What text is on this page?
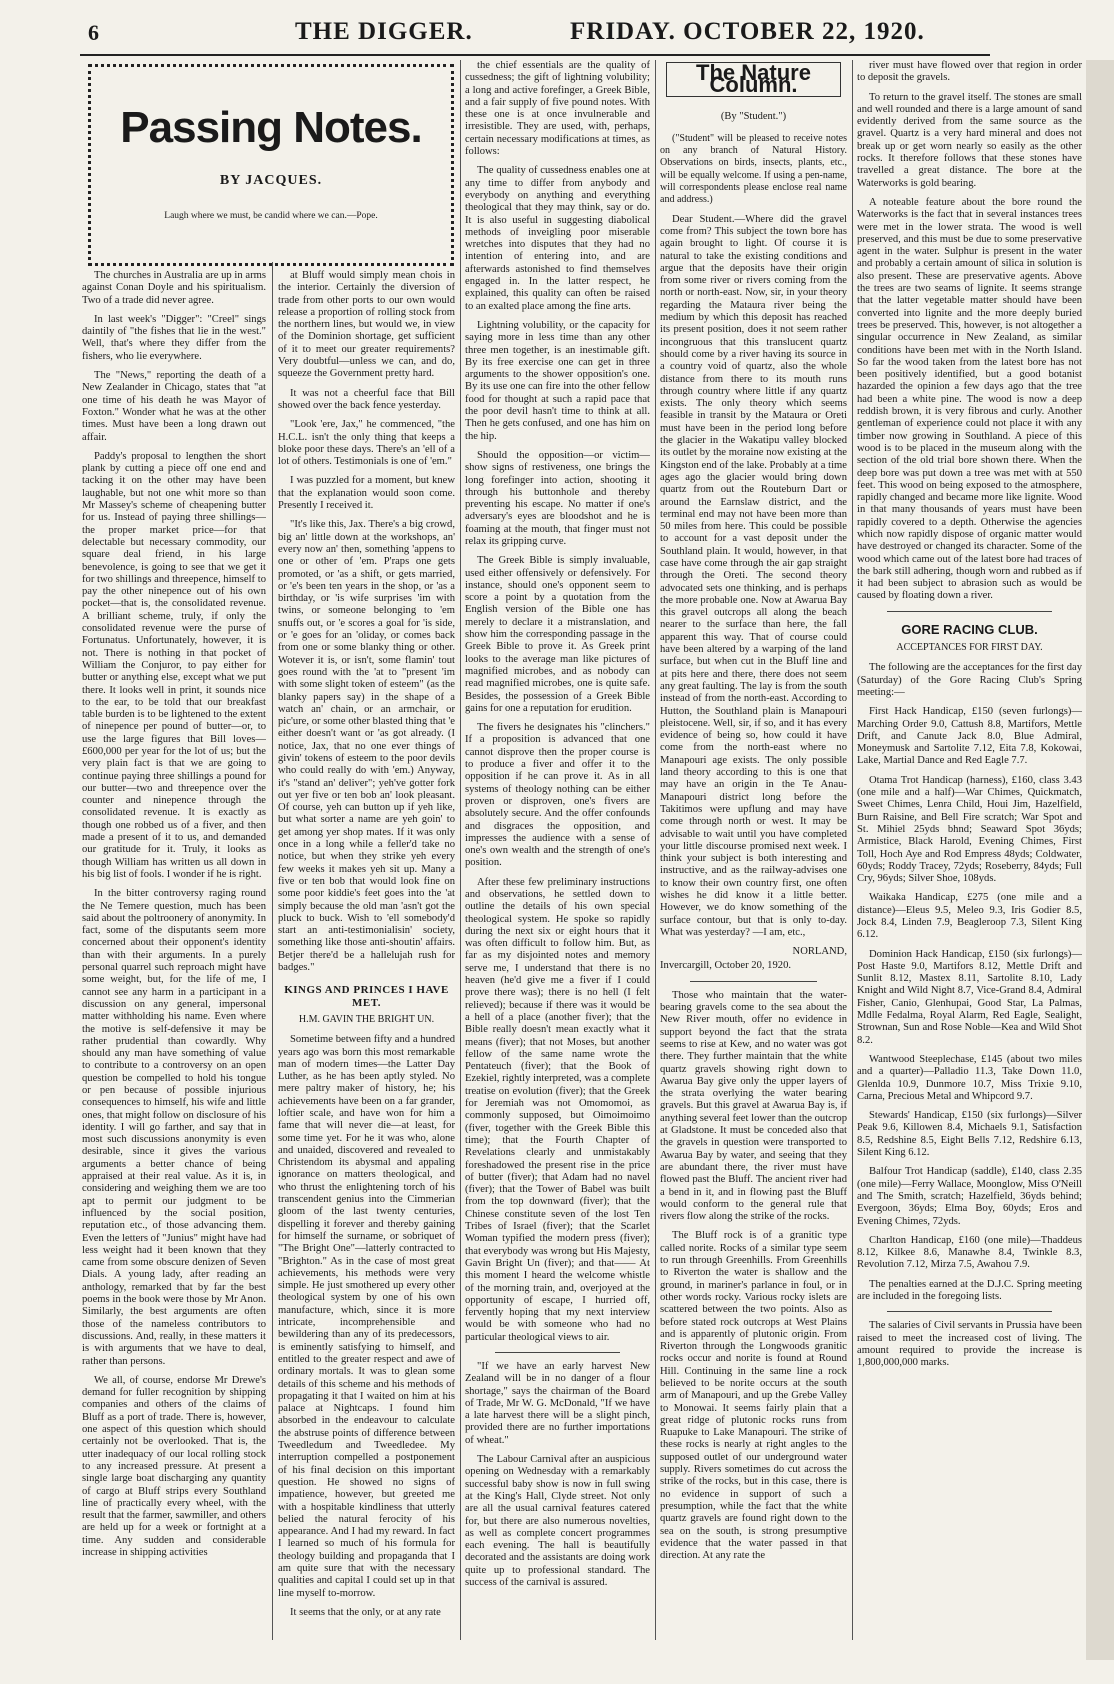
6	THE DIGGER.	FRIDAY. OCTOBER 22, 1920.
Passing Notes.
BY JACQUES.
Laugh where we must, be candid where we can.—Pope.

The churches in Australia are up in arms against Conan Doyle and his spiritualism. Two of a trade did never agree.

In last week's "Digger": "Creel" sings daintily of "the fishes that lie in the west." Well, that's where they differ from the fishers, who lie everywhere.

The "News," reporting the death of a New Zealander in Chicago, states that "at one time of his death he was Mayor of Foxton." Wonder what he was at the other times. Must have been a long drawn out affair.

Paddy's proposal to lengthen the short plank by cutting a piece off one end and tacking it on the other may have been laughable, but not one whit more so than Mr Massey's scheme of cheapening butter for us. Instead of paying three shillings—the proper market price—for that delectable but necessary commodity, our square deal friend, in his large benevolence, is going to see that we get it for two shillings and threepence, himself to pay the other ninepence out of his own pocket—that is, the consolidated revenue. A brilliant scheme, truly, if only the consolidated revenue were the purse of Fortunatus. Unfortunately, however, it is not. There is nothing in that pocket of William the Conjuror, to pay either for butter or anything else, except what we put there. It looks well in print, it sounds nice to the ear, to be told that our breakfast table burden is to be lightened to the extent of ninepence per pound of butter—or, to use the large figures that Bill loves—£600,000 per year for the lot of us; but the very plain fact is that we are going to continue paying three shillings a pound for our butter—two and threepence over the counter and ninepence through the consolidated revenue. It is exactly as though one robbed us of a fiver, and then made a present of it to us, and demanded our gratitude for it. Truly, it looks as though William has written us all down in his big list of fools. I wonder if he is right.

In the bitter controversy raging round the Ne Temere question, much has been said about the poltroonery of anonymity. In fact, some of the disputants seem more concerned about their opponent's identity than with their arguments. In a purely personal quarrel such reproach might have some weight, but, for the life of me, I cannot see any harm in a participant in a discussion on any general, impersonal matter withholding his name. Even where the motive is self-defensive it may be rather prudential than cowardly. Why should any man have something of value to contribute to a controversy on an open question be compelled to hold his tongue or pen because of possible injurious consequences to himself, his wife and little ones, that might follow on disclosure of his identity. I will go farther, and say that in most such discussions anonymity is even desirable, since it gives the various arguments a better chance of being appraised at their real value. As it is, in considering and weighing them we are too apt to permit our judgment to be influenced by the social position, reputation etc., of those advancing them. Even the letters of "Junius" might have had less weight had it been known that they came from some obscure denizen of Seven Dials. A young lady, after reading an anthology, remarked that by far the best poems in the book were those by Mr Anon. Similarly, the best arguments are often those of the nameless contributors to discussions. And, really, in these matters it is with arguments that we have to deal, rather than persons.

We all, of course, endorse Mr Drewe's demand for fuller recognition by shipping companies and others of the claims of Bluff as a port of trade. There is, however, one aspect of this question which should certainly not be overlooked. That is, the utter inadequacy of our local rolling stock to any increased pressure. At present a single large boat discharging any quantity of cargo at Bluff strips every Southland line of practically every wheel, with the result that the farmer, sawmiller, and others are held up for a week or fortnight at a time. Any sudden and considerable increase in shipping activities

at Bluff would simply mean chois in the interior. Certainly the diversion of trade from other ports to our own would release a proportion of rolling stock from the northern lines, but would we, in view of the Dominion shortage, get sufficient of it to meet our greater requirements? Very doubtful—unless we can, and do, squeeze the Government pretty hard.

It was not a cheerful face that Bill showed over the back fence yesterday.

"Look 'ere, Jax," he commenced, "the H.C.L. isn't the only thing that keeps a bloke poor these days. There's an 'ell of a lot of others. Testimonials is one of 'em."

I was puzzled for a moment, but knew that the explanation would soon come. Presently I received it.

"It's like this, Jax. There's a big crowd, big an' little down at the workshops, an' every now an' then, something 'appens to one or other of 'em. P'raps one gets promoted, or 'as a shift, or gets married, or 'e's been ten years in the shop, or 'as a birthday, or 'is wife surprises 'im with twins, or someone belonging to 'em snuffs out, or 'e scores a goal for 'is side, or 'e goes for an 'oliday, or comes back from one or some blanky thing or other. Wotever it is, or isn't, some flamin' tout goes round with the 'at to "present 'im with some slight token of esteem" (as the blanky papers say) in the shape of a watch an' chain, or an armchair, or pic'ure, or some other blasted thing that 'e either doesn't want or 'as got already. (I notice, Jax, that no one ever things of givin' tokens of esteem to the poor devils who could really do with 'em.) Anyway, it's "stand an' deliver"; yeh've gotter fork out yer five or ten bob an' look pleasant. Of course, yeh can button up if yeh like, but what sorter a name are yeh goin' to get among yer shop mates. If it was only once in a long while a feller'd take no notice, but when they strike yeh every few weeks it makes yeh sit up. Many a five or ten bob that would look fine on some poor kiddie's feet goes into the 'at simply because the old man 'asn't got the pluck to buck. Wish to 'ell somebody'd start an anti-testimonialisin' society, something like those anti-shoutin' affairs. Betjer there'd be a hallelujah rush for badges."

KINGS AND PRINCES I HAVE MET.
H.M. GAVIN THE BRIGHT UN.

Sometime between fifty and a hundred years ago was born this most remarkable man of modern times—the Latter Day Luther, as he has been aptly styled. No mere paltry maker of history, he; his achievements have been on a far grander, loftier scale, and have won for him a fame that will never die—at least, for some time yet. For he it was who, alone and unaided, discovered and revealed to Christendom its abysmal and appaling ignorance on matters theological, and who thrust the enlightening torch of his transcendent genius into the Cimmerian gloom of the last twenty centuries, dispelling it forever and thereby gaining for himself the surname, or sobriquet of "The Bright One"—latterly contracted to "Brighton." As in the case of most great achievements, his methods were very simple. He just smothered up every other theological system by one of his own manufacture, which, since it is more intricate, incomprehensible and bewildering than any of its predecessors, is eminently satisfying to himself, and entitled to the greater respect and awe of ordinary mortals. It was to glean some details of this scheme and his methods of propagating it that I waited on him at his palace at Nightcaps. I found him absorbed in the endeavour to calculate the abstruse points of difference between Tweedledum and Tweedledee. My interruption compelled a postponement of his final decision on this important question. He showed no signs of impatience, however, but greeted me with a hospitable kindliness that utterly belied the natural ferocity of his appearance. And I had my reward. In fact I learned so much of his formula for theology building and propaganda that I am quite sure that with the necessary qualities and capital I could set up in that line myself to-morrow.

It seems that the only, or at any rate

the chief essentials are the quality of cussedness; the gift of lightning volubility; a long and active forefinger, a Greek Bible, and a fair supply of five pound notes. With these one is at once invulnerable and irresistible. They are used, with, perhaps, certain necessary modifications at times, as follows:

The quality of cussedness enables one at any time to differ from anybody and everybody on anything and everything theological that they may think, say or do. It is also useful in suggesting diabolical methods of inveigling poor miserable wretches into disputes that they had no intention of entering into, and are afterwards astonished to find themselves engaged in. In the latter respect, he explained, this quality can often be raised to an exalted place among the fine arts.

Lightning volubility, or the capacity for saying more in less time than any other three men together, is an inestimable gift. By its free exercise one can get in three arguments to the shower opposition's one. By its use one can fire into the other fellow food for thought at such a rapid pace that the poor devil hasn't time to think at all. Then he gets confused, and one has him on the hip.

Should the opposition—or victim—show signs of restiveness, one brings the long forefinger into action, shooting it through his buttonhole and thereby preventing his escape. No matter if one's adversary's eyes are bloodshot and he is foaming at the mouth, that finger must not relax its gripping curve.

The Greek Bible is simply invaluable, used either offensively or defensively. For instance, should one's opponent seem to score a point by a quotation from the English version of the Bible one has merely to declare it a mistranslation, and show him the corresponding passage in the Greek Bible to prove it. As Greek print looks to the average man like pictures of magnified microbes, and as nobody can read magnified microbes, one is quite safe. Besides, the possession of a Greek Bible gains for one a reputation for erudition.

The fivers he designates his "clinchers." If a proposition is advanced that one cannot disprove then the proper course is to produce a fiver and offer it to the opposition if he can prove it. As in all systems of theology nothing can be either proven or disproven, one's fivers are absolutely secure. And the offer confounds and disgraces the opposition, and impresses the audience with a sense of one's own wealth and the strength of one's position.

After these few preliminary instructions and observations, he settled down to outline the details of his own special theological system. He spoke so rapidly during the next six or eight hours that it was often difficult to follow him. But, as far as my disjointed notes and memory serve me, I understand that there is no heaven (he'd give me a fiver if I could prove there was); there is no hell (I felt relieved); because if there was it would be a hell of a place (another fiver); that the Bible really doesn't mean exactly what it means (fiver); that not Moses, but another fellow of the same name wrote the Pentateuch (fiver); that the Book of Ezekiel, rightly interpreted, was a complete treatise on evolution (fiver); that the Greek for Jeremiah was not Omomomoi, as commonly supposed, but Oimoimoimo (fiver, together with the Greek Bible this time); that the Fourth Chapter of Revelations clearly and unmistakably foreshadowed the present rise in the price of butter (fiver); that Adam had no navel (fiver); that the Tower of Babel was built from the top downward (fiver); that the Chinese constitute seven of the lost Ten Tribes of Israel (fiver); that the Scarlet Woman typified the modern press (fiver); that everybody was wrong but His Majesty, Gavin Bright Un (fiver); and that—— At this moment I heard the welcome whistle of the morning train, and, overjoyed at the opportunity of escape, I hurried off, fervently hoping that my next interview would be with someone who had no particular theological views to air.

"If we have an early harvest New Zealand will be in no danger of a flour shortage," says the chairman of the Board of Trade, Mr W. G. McDonald, "If we have a late harvest there will be a slight pinch, provided there are no further importations of wheat."

The Labour Carnival after an auspicious opening on Wednesday with a remarkably successful baby show is now in full swing at the King's Hall, Clyde street. Not only are all the usual carnival features catered for, but there are also numerous novelties, as well as complete concert programmes each evening. The hall is beautifully decorated and the assistants are doing work quite up to professional standard. The success of the carnival is assured.

The Nature Column.
(By "Student.")

("Student" will be pleased to receive notes on any branch of Natural History. Observations on birds, insects, plants, etc., will be equally welcome. If using a pen-name, will correspondents please enclose real name and address.)

Dear Student.—Where did the gravel come from? This subject the town bore has again brought to light. Of course it is natural to take the existing conditions and argue that the deposits have their origin from some river or rivers coming from the north or north-east. Now, sir, in your theory regarding the Mataura river being the medium by which this deposit has reached its present position, does it not seem rather incongruous that this translucent quartz should come by a river having its source in a country void of quartz, also the whole distance from there to its mouth runs through country where little if any quartz exists. The only theory which seems feasible in transit by the Mataura or Oreti must have been in the period long before the glacier in the Wakatipu valley blocked its outlet by the moraine now existing at the Kingston end of the lake. Probably at a time ages ago the glacier would bring down quartz from out the Routeburn Dart or around the Earnslaw district, and the terminal end may not have been more than 50 miles from here. This could be possible to account for a vast deposit under the Southland plain. It would, however, in that case have come through the air gap straight through the Oreti. The second theory advocated sets one thinking, and is perhaps the more probable one. Now at Awarua Bay this gravel outcrops all along the beach nearer to the surface than here, the fall apparent this way. That of course could have been altered by a warping of the land surface, but when cut in the Bluff line and at pits here and there, there does not seem any great faulting. The lay is from the south instead of from the north-east. According to Hutton, the Southland plain is Manapouri pleistocene. Well, sir, if so, and it has every evidence of being so, how could it have come from the north-east where no Manapouri age exists. The only possible land theory according to this is one that may have an origin in the Te Anau-Manapouri district long before the Takitimos were upflung and may have come through north or west. It may be advisable to wait until you have completed your little discourse promised next week. I think your subject is both interesting and instructive, and as the railway-advises one to know their own country first, one often wishes he did know it a little better. However, we do know something of the surface contour, but that is only to-day. What was yesterday? —I am, etc.,

NORLAND,
Invercargill, October 20, 1920.

Those who maintain that the water-bearing gravels come to the sea about the New River mouth, offer no evidence in support beyond the fact that the strata seems to rise at Kew, and no water was got there. They further maintain that the white quartz gravels showing right down to Awarua Bay give only the upper layers of the strata overlying the water bearing gravels. But this gravel at Awarua Bay is, if anything several feet lower than the outcrop at Gladstone. It must be conceded also that the gravels in question were transported to Awarua Bay by water, and seeing that they are abundant there, the river must have flowed past the Bluff. The ancient river had a bend in it, and in flowing past the Bluff would conform to the general rule that rivers flow along the strike of the rocks.

The Bluff rock is of a granitic type called norite. Rocks of a similar type seem to run through Greenhills. From Greenhills to Riverton the water is shallow and the ground, in mariner's parlance in foul, or in other words rocky. Various rocky islets are scattered between the two points. Also as before stated rock outcrops at West Plains and is apparently of plutonic origin. From Riverton through the Longwoods granitic rocks occur and norite is found at Round Hill. Continuing in the same line a rock believed to be norite occurs at the south arm of Manapouri, and up the Grebe Valley to Monowai. It seems fairly plain that a great ridge of plutonic rocks runs from Ruapuke to Lake Manapouri. The strike of these rocks is nearly at right angles to the supposed outlet of our underground water supply. Rivers sometimes do cut across the strike of the rocks, but in this case, there is no evidence in support of such a presumption, while the fact that the white quartz gravels are found right down to the sea on the south, is strong presumptive evidence that the water passed in that direction. At any rate the

river must have flowed over that region in order to deposit the gravels.

To return to the gravel itself. The stones are small and well rounded and there is a large amount of sand evidently derived from the same source as the gravel. Quartz is a very hard mineral and does not break up or get worn nearly so easily as the other rocks. It therefore follows that these stones have travelled a great distance. The bore at the Waterworks is gold bearing.

A noteable feature about the bore round the Waterworks is the fact that in several instances trees were met in the lower strata. The wood is well preserved, and this must be due to some preservative agent in the water. Sulphur is present in the water and probably a certain amount of silica in solution is also present. These are preservative agents. Above the trees are two seams of lignite. It seems strange that the latter vegetable matter should have been converted into lignite and the more deeply buried trees be preserved. This, however, is not altogether a singular occurrence in New Zealand, as similar conditions have been met with in the North Island. So far the wood taken from the latest bore has not been positively identified, but a good botanist hazarded the opinion a few days ago that the tree had been a white pine. The wood is now a deep reddish brown, it is very fibrous and curly. Another gentleman of experience could not place it with any timber now growing in Southland. A piece of this wood is to be placed in the museum along with the section of the old trial bore shown there. When the deep bore was put down a tree was met with at 550 feet. This wood on being exposed to the atmosphere, rapidly changed and became more like lignite. Wood in that many thousands of years must have been rapidly covered to a depth. Otherwise the agencies which now rapidly dispose of organic matter would have destroyed or changed its character. Some of the wood which came out of the latest bore had traces of the bark still adhering, though worn and rubbed as if it had been subject to abrasion such as would be caused by floating down a river.

GORE RACING CLUB.
ACCEPTANCES FOR FIRST DAY.

The following are the acceptances for the first day (Saturday) of the Gore Racing Club's Spring meeting:—

First Hack Handicap, £150 (seven furlongs)—Marching Order 9.0, Cattush 8.8, Martifors, Mettle Drift, and Canute Jack 8.0, Blue Admiral, Moneymusk and Sartolite 7.12, Eita 7.8, Kokowai, Lake, Martial Dance and Red Eagle 7.7.

Otama Trot Handicap (harness), £160, class 3.43 (one mile and a half)—War Chimes, Quickmatch, Sweet Chimes, Lenra Child, Houi Jim, Hazelfield, Burn Raisine, and Bell Fire scratch; War Spot and St. Mihiel 25yds bhnd; Seaward Spot 36yds; Armistice, Black Harold, Evening Chimes, First Toll, Hoch Aye and Rod Empress 48yds; Coldwater, 60yds; Roddy Tracey, 72yds; Roseberry, 84yds; Full Cry, 96yds; Silver Shoe, 108yds.

Waikaka Handicap, £275 (one mile and a distance)—Eleus 9.5, Meleo 9.3, Iris Godier 8.5, Jock 8.4, Linden 7.9, Beagleroop 7.3, Silent King 6.12.

Dominion Hack Handicap, £150 (six furlongs)—Post Haste 9.0, Martifors 8.12, Mettle Drift and Sunlit 8.12, Mastex 8.11, Sartolite 8.10, Lady Knight and Wild Night 8.7, Vice-Grand 8.4, Admiral Fisher, Canio, Glenhupai, Good Star, La Palmas, Mdlle Fedalma, Royal Alarm, Red Eagle, Sealight, Strownan, Sun and Rose Noble—Kea and Wild Shot 8.2.

Wantwood Steeplechase, £145 (about two miles and a quarter)—Palladio 11.3, Take Down 11.0, Glenlda 10.9, Dunmore 10.7, Miss Trixie 9.10, Carna, Precious Metal and Whipcord 9.7.

Stewards' Handicap, £150 (six furlongs)—Silver Peak 9.6, Killowen 8.4, Michaels 9.1, Satisfaction 8.5, Redshine 8.5, Eight Bells 7.12, Redshire 6.13, Silent King 6.12.

Balfour Trot Handicap (saddle), £140, class 2.35 (one mile)—Ferry Wallace, Moonglow, Miss O'Neill and The Smith, scratch; Hazelfield, 36yds behind; Evergoon, 36yds; Elma Boy, 60yds; Eros and Evening Chimes, 72yds.

Charlton Handicap, £160 (one mile)—Thaddeus 8.12, Kilkee 8.6, Manawhe 8.4, Twinkle 8.3, Revolution 7.12, Mirza 7.5, Awahou 7.9.

The penalties earned at the D.J.C. Spring meeting are included in the foregoing lists.

The salaries of Civil servants in Prussia have been raised to meet the increased cost of living. The amount required to provide the increase is 1,800,000,000 marks.
